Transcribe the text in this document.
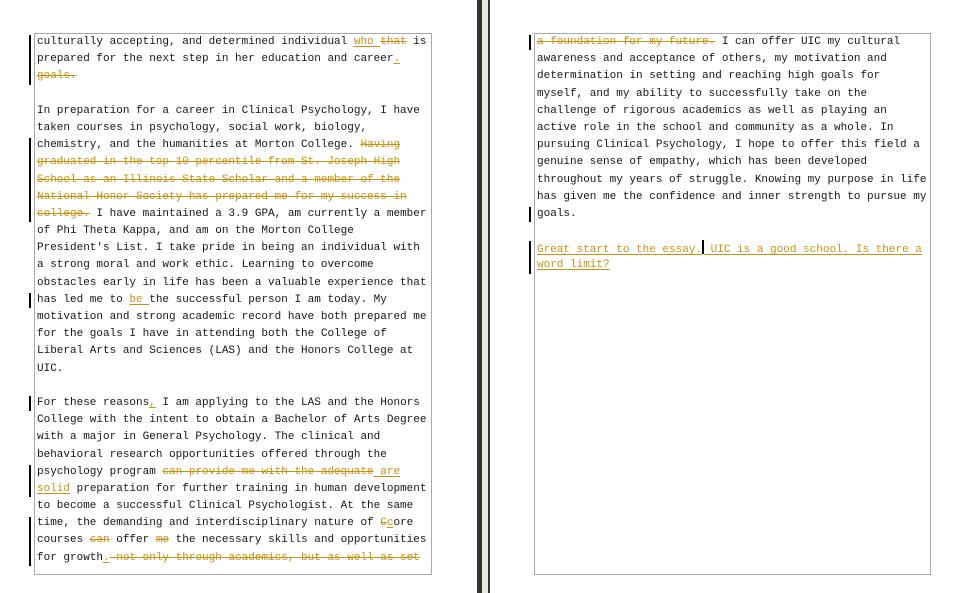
culturally accepting, and determined individual who that is
prepared for the next step in her education and career.
goals.
In preparation for a career in Clinical Psychology, I have
taken courses in psychology, social work, biology,
chemistry, and the humanities at Morton College. Having
graduated in the top 10 percentile from St. Joseph High
School as an Illinois State Scholar and a member of the
National Honor Society has prepared me for my success in
college. I have maintained a 3.9 GPA, am currently a member
of Phi Theta Kappa, and am on the Morton College
President's List. I take pride in being an individual with
a strong moral and work ethic. Learning to overcome
obstacles early in life has been a valuable experience that
has led me to be the successful person I am today. My
motivation and strong academic record have both prepared me
for the goals I have in attending both the College of
Liberal Arts and Sciences (LAS) and the Honors College at
UIC.
For these reasons, I am applying to the LAS and the Honors
College with the intent to obtain a Bachelor of Arts Degree
with a major in General Psychology. The clinical and
behavioral research opportunities offered through the
psychology program can provide me with the adequate are
solid preparation for further training in human development
to become a successful Clinical Psychologist. At the same
time, the demanding and interdisciplinary nature of Ccore
courses can offer me the necessary skills and opportunities
for growth. not only through academics, but as well as set
a foundation for my future. I can offer UIC my cultural
awareness and acceptance of others, my motivation and
determination in setting and reaching high goals for
myself, and my ability to successfully take on the
challenge of rigorous academics as well as playing an
active role in the school and community as a whole. In
pursuing Clinical Psychology, I hope to offer this field a
genuine sense of empathy, which has been developed
throughout my years of struggle. Knowing my purpose in life
has given me the confidence and inner strength to pursue my
goals.
Great start to the essay. UIC is a good school. Is there a
word limit?
